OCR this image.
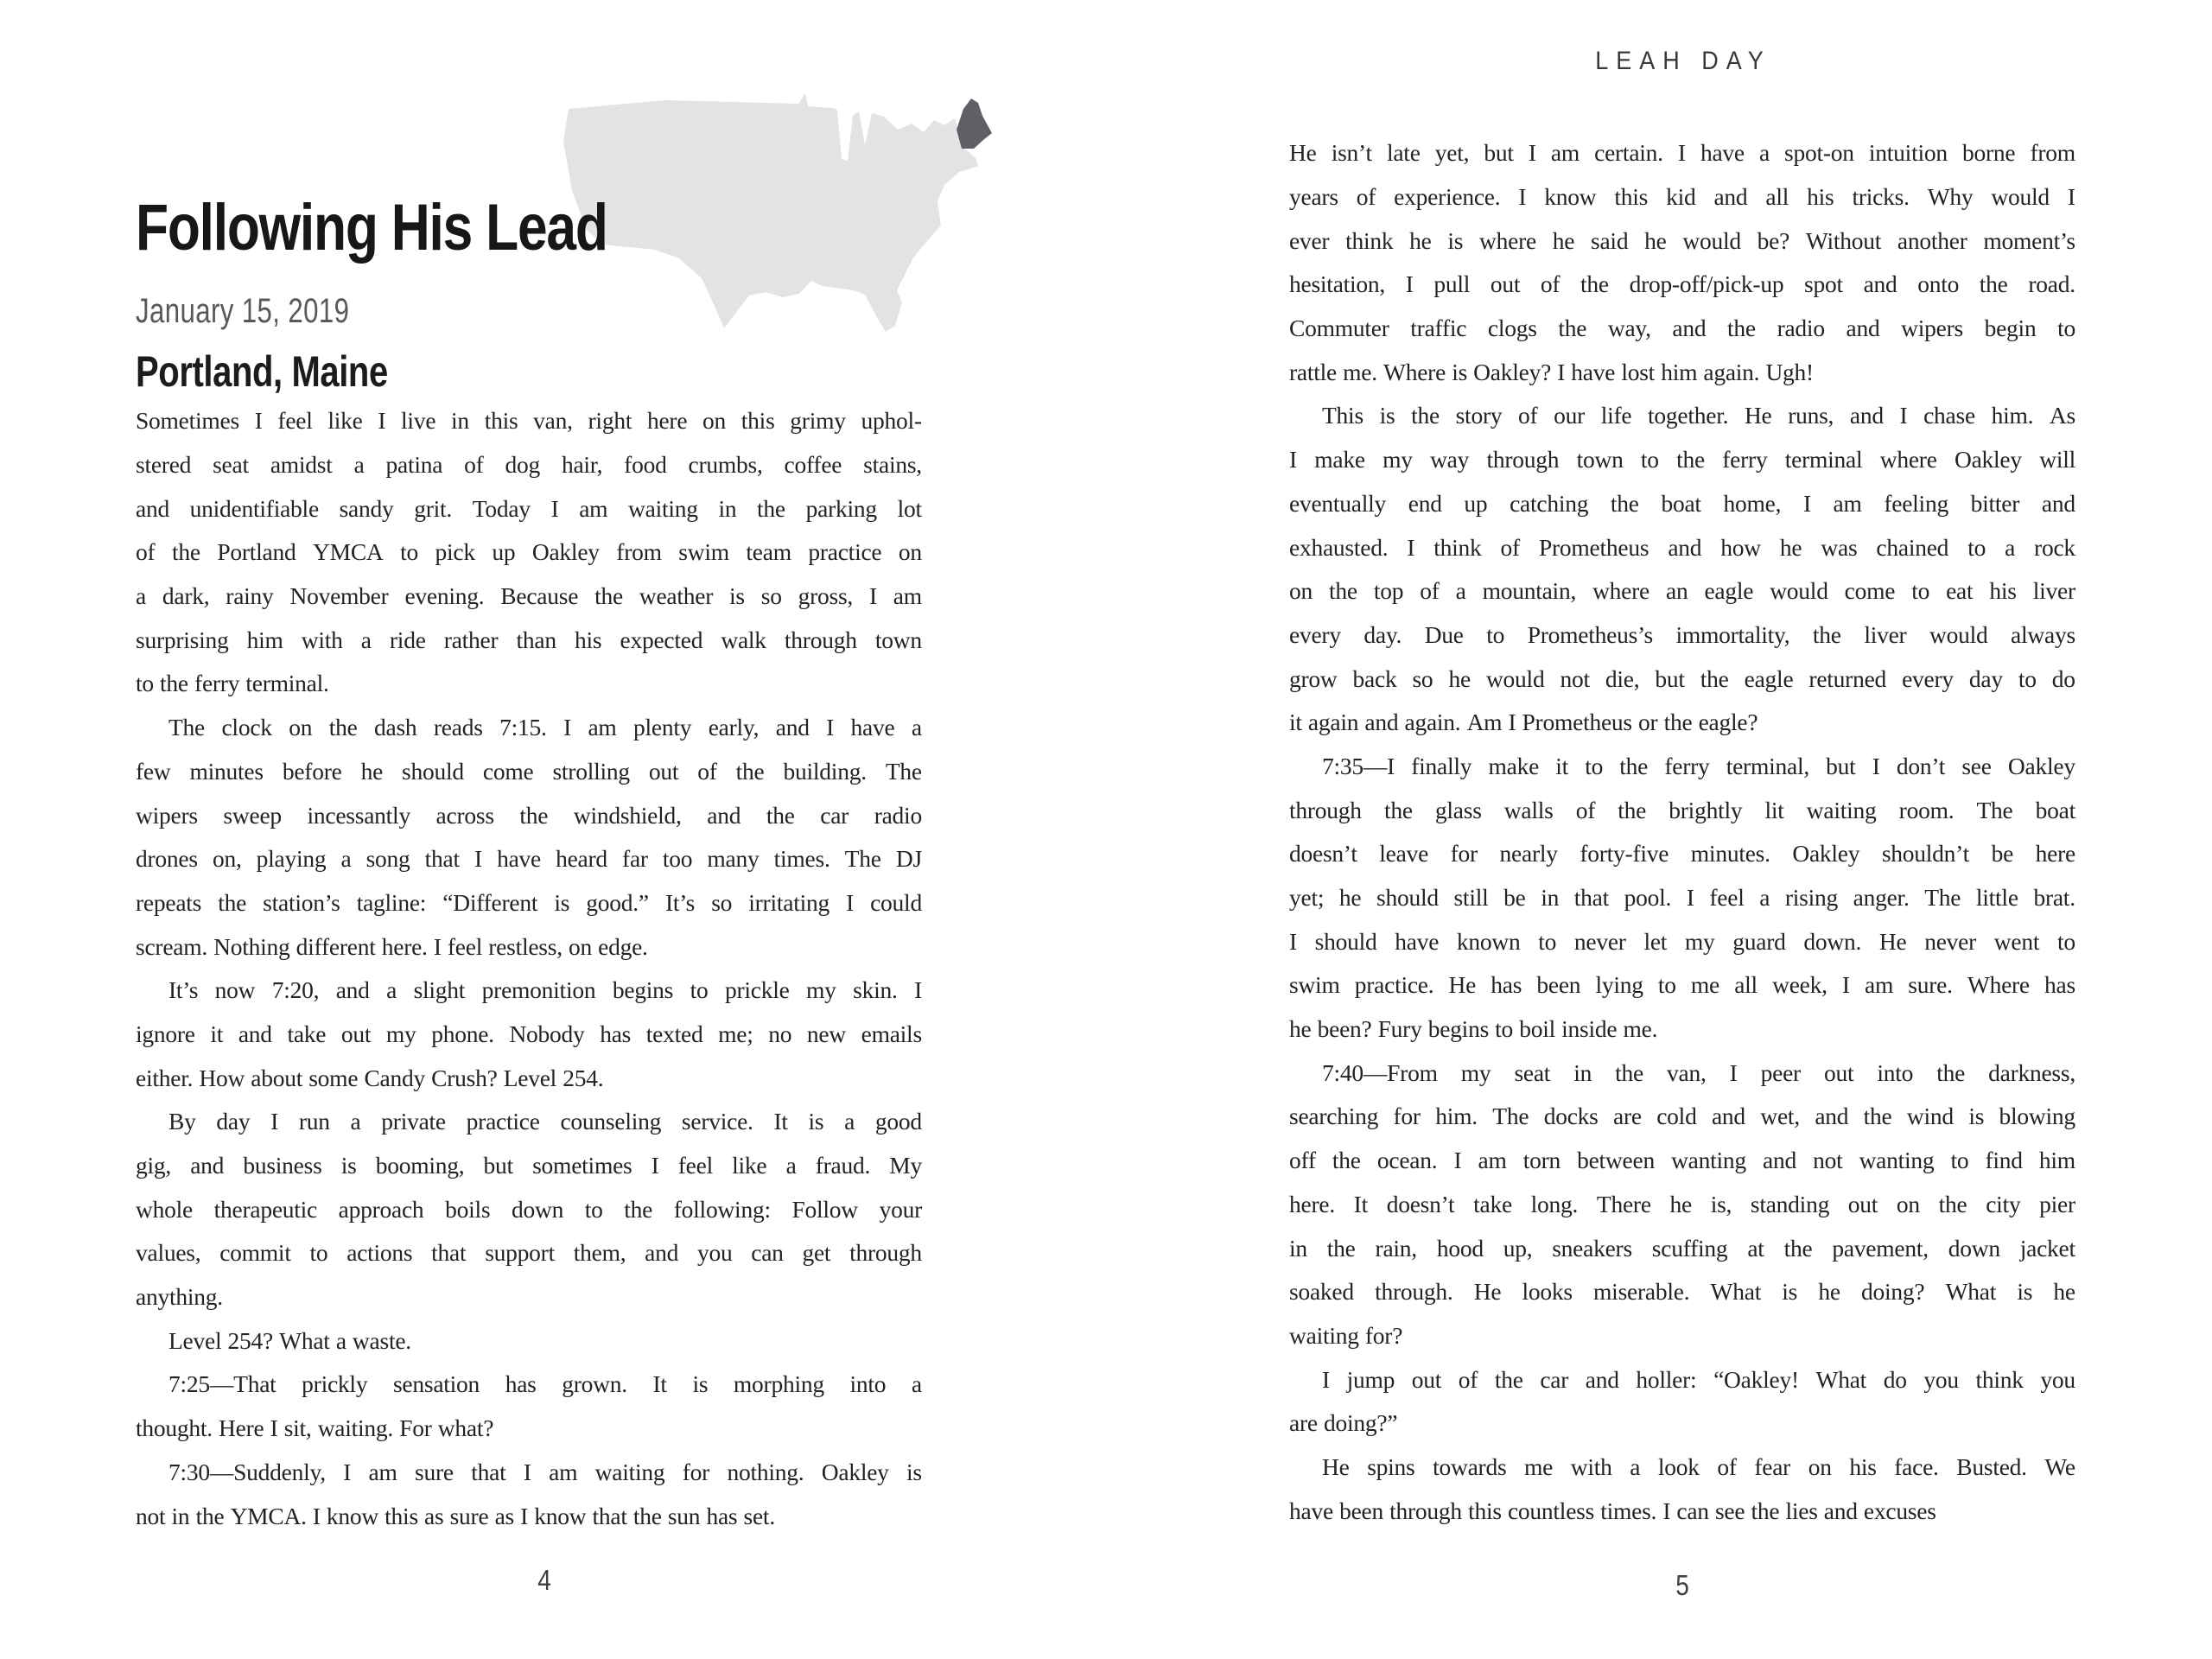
Following His Lead
January 15, 2019
Portland, Maine
Sometimes I feel like I live in this van, right here on this grimy uphol-
stered seat amidst a patina of dog hair, food crumbs, coffee stains,
and unidentifiable sandy grit. Today I am waiting in the parking lot
of the Portland YMCA to pick up Oakley from swim team practice on
a dark, rainy November evening. Because the weather is so gross, I am
surprising him with a ride rather than his expected walk through town
to the ferry terminal.
The clock on the dash reads 7:15. I am plenty early, and I have a
few minutes before he should come strolling out of the building. The
wipers sweep incessantly across the windshield, and the car radio
drones on, playing a song that I have heard far too many times. The DJ
repeats the station’s tagline: “Different is good.” It’s so irritating I could
scream. Nothing different here. I feel restless, on edge.
It’s now 7:20, and a slight premonition begins to prickle my skin. I
ignore it and take out my phone. Nobody has texted me; no new emails
either. How about some Candy Crush? Level 254.
By day I run a private practice counseling service. It is a good
gig, and business is booming, but sometimes I feel like a fraud. My
whole therapeutic approach boils down to the following: Follow your
values, commit to actions that support them, and you can get through
anything.
Level 254? What a waste.
7:25—That prickly sensation has grown. It is morphing into a
thought. Here I sit, waiting. For what?
7:30—Suddenly, I am sure that I am waiting for nothing. Oakley is
not in the YMCA. I know this as sure as I know that the sun has set.
4
LEAH DAY
He isn’t late yet, but I am certain. I have a spot-on intuition borne from
years of experience. I know this kid and all his tricks. Why would I
ever think he is where he said he would be? Without another moment’s
hesitation, I pull out of the drop-off/pick-up spot and onto the road.
Commuter traffic clogs the way, and the radio and wipers begin to
rattle me. Where is Oakley? I have lost him again. Ugh!
This is the story of our life together. He runs, and I chase him. As
I make my way through town to the ferry terminal where Oakley will
eventually end up catching the boat home, I am feeling bitter and
exhausted. I think of Prometheus and how he was chained to a rock
on the top of a mountain, where an eagle would come to eat his liver
every day. Due to Prometheus’s immortality, the liver would always
grow back so he would not die, but the eagle returned every day to do
it again and again. Am I Prometheus or the eagle?
7:35—I finally make it to the ferry terminal, but I don’t see Oakley
through the glass walls of the brightly lit waiting room. The boat
doesn’t leave for nearly forty-five minutes. Oakley shouldn’t be here
yet; he should still be in that pool. I feel a rising anger. The little brat.
I should have known to never let my guard down. He never went to
swim practice. He has been lying to me all week, I am sure. Where has
he been? Fury begins to boil inside me.
7:40—From my seat in the van, I peer out into the darkness,
searching for him. The docks are cold and wet, and the wind is blowing
off the ocean. I am torn between wanting and not wanting to find him
here. It doesn’t take long. There he is, standing out on the city pier
in the rain, hood up, sneakers scuffing at the pavement, down jacket
soaked through. He looks miserable. What is he doing? What is he
waiting for?
I jump out of the car and holler: “Oakley! What do you think you
are doing?”
He spins towards me with a look of fear on his face. Busted. We
have been through this countless times. I can see the lies and excuses
5
